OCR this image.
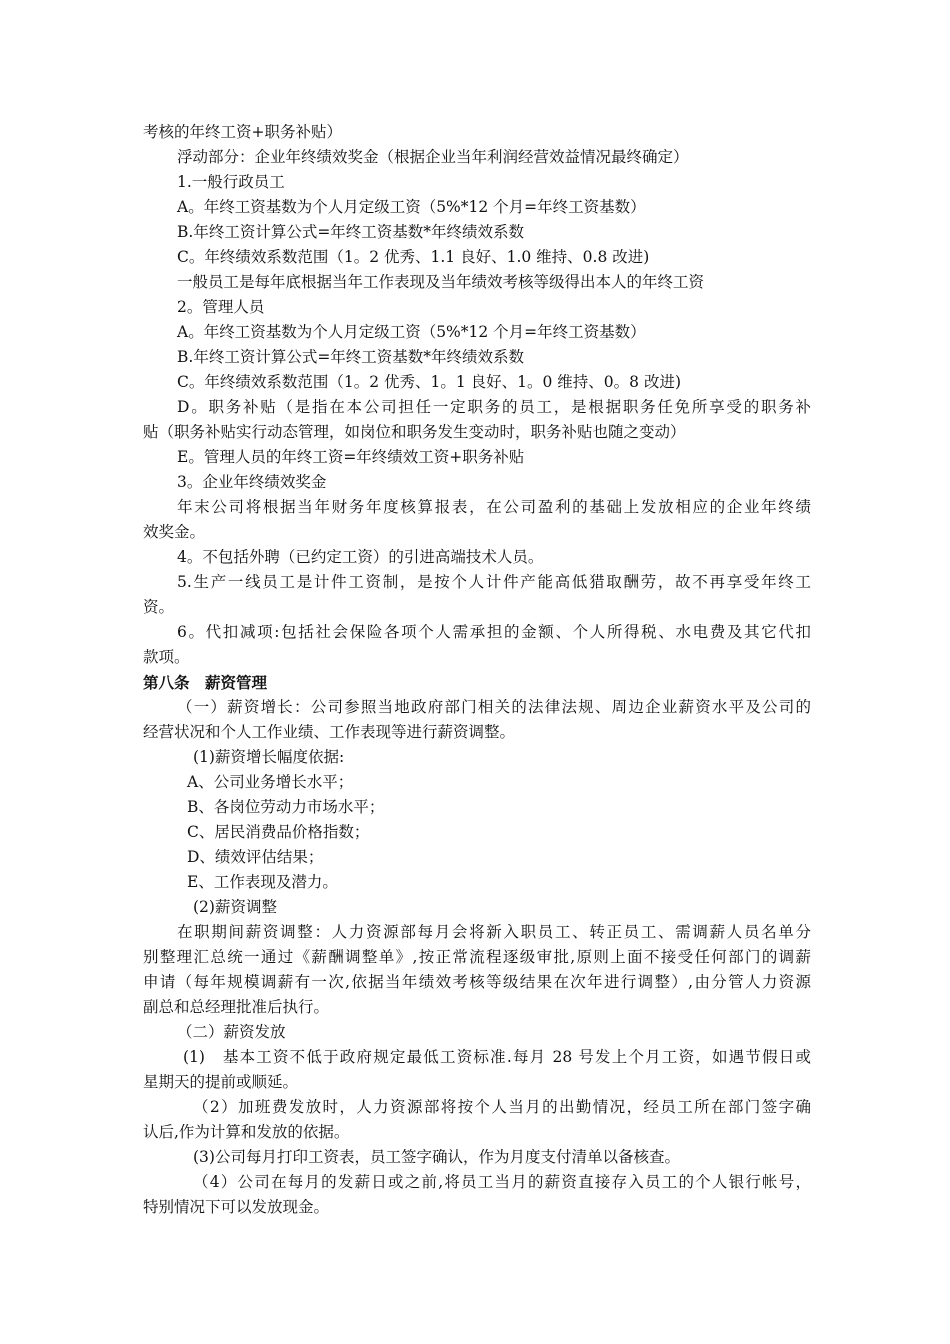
考核的年终工资+职务补贴）
浮动部分：企业年终绩效奖金（根据企业当年利润经营效益情况最终确定）
1.一般行政员工
A。年终工资基数为个人月定级工资（5%*12 个月=年终工资基数）
B.年终工资计算公式=年终工资基数*年终绩效系数
C。年终绩效系数范围（1。2 优秀、1.1 良好、1.0 维持、0.8 改进)
一般员工是每年底根据当年工作表现及当年绩效考核等级得出本人的年终工资
2。管理人员
A。年终工资基数为个人月定级工资（5%*12 个月=年终工资基数）
B.年终工资计算公式=年终工资基数*年终绩效系数
C。年终绩效系数范围（1。2 优秀、1。1 良好、1。0 维持、0。8 改进)
D。职务补贴（是指在本公司担任一定职务的员工，是根据职务任免所享受的职务补
贴（职务补贴实行动态管理，如岗位和职务发生变动时，职务补贴也随之变动）
E。管理人员的年终工资=年终绩效工资+职务补贴
3。企业年终绩效奖金
年末公司将根据当年财务年度核算报表，在公司盈利的基础上发放相应的企业年终绩
效奖金。
4。不包括外聘（已约定工资）的引进高端技术人员。
5.生产一线员工是计件工资制，是按个人计件产能高低猎取酬劳，故不再享受年终工
资。
6。代扣减项:包括社会保险各项个人需承担的金额、个人所得税、水电费及其它代扣
款项。
第八条　薪资管理
（一）薪资增长：公司参照当地政府部门相关的法律法规、周边企业薪资水平及公司的
经营状况和个人工作业绩、工作表现等进行薪资调整。
(1)薪资增长幅度依据:
A、公司业务增长水平；
B、各岗位劳动力市场水平；
C、居民消费品价格指数；
D、绩效评估结果；
E、工作表现及潜力。
(2)薪资调整
在职期间薪资调整：人力资源部每月会将新入职员工、转正员工、需调薪人员名单分
别整理汇总统一通过《薪酬调整单》,按正常流程逐级审批,原则上面不接受任何部门的调薪
申请（每年规模调薪有一次,依据当年绩效考核等级结果在次年进行调整）,由分管人力资源
副总和总经理批准后执行。
（二）薪资发放
(1)　基本工资不低于政府规定最低工资标准.每月 28 号发上个月工资，如遇节假日或
星期天的提前或顺延。
（2）加班费发放时，人力资源部将按个人当月的出勤情况，经员工所在部门签字确
认后,作为计算和发放的依据。
(3)公司每月打印工资表，员工签字确认，作为月度支付清单以备核查。
（4）公司在每月的发薪日或之前,将员工当月的薪资直接存入员工的个人银行帐号，
特别情况下可以发放现金。
